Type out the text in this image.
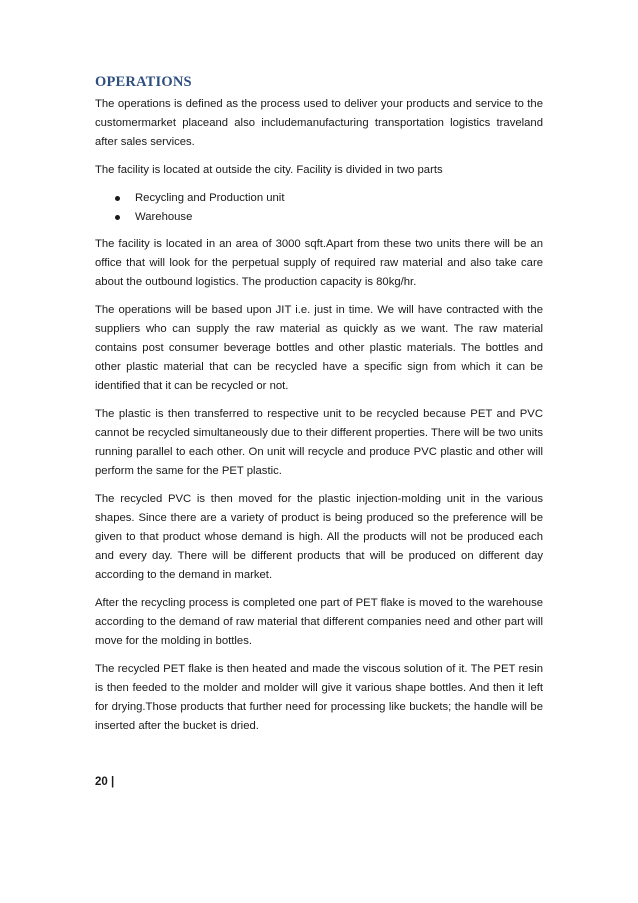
OPERATIONS

The operations is defined as the process used to deliver your products and service to the customermarket placeand also includemanufacturing transportation logistics traveland after sales services.

The facility is located at outside the city. Facility is divided in two parts

Recycling and Production unit
Warehouse

The facility is located in an area of 3000 sqft.Apart from these two units there will be an office that will look for the perpetual supply of required raw material and also take care about the outbound logistics. The production capacity is 80kg/hr.

The operations will be based upon JIT i.e. just in time. We will have contracted with the suppliers who can supply the raw material as quickly as we want. The raw material contains post consumer beverage bottles and other plastic materials. The bottles and other plastic material that can be recycled have a specific sign from which it can be identified that it can be recycled or not.

The plastic is then transferred to respective unit to be recycled because PET and PVC cannot be recycled simultaneously due to their different properties. There will be two units running parallel to each other. On unit will recycle and produce PVC plastic and other will perform the same for the PET plastic.

The recycled PVC is then moved for the plastic injection-molding unit in the various shapes. Since there are a variety of product is being produced so the preference will be given to that product whose demand is high. All the products will not be produced each and every day. There will be different products that will be produced on different day according to the demand in market.

After the recycling process is completed one part of PET flake is moved to the warehouse according to the demand of raw material that different companies need and other part will move for the molding in bottles.

The recycled PET flake is then heated and made the viscous solution of it. The PET resin is then feeded to the molder and molder will give it various shape bottles. And then it left for drying.Those products that further need for processing like buckets; the handle will be inserted after the bucket is dried.

20 |
